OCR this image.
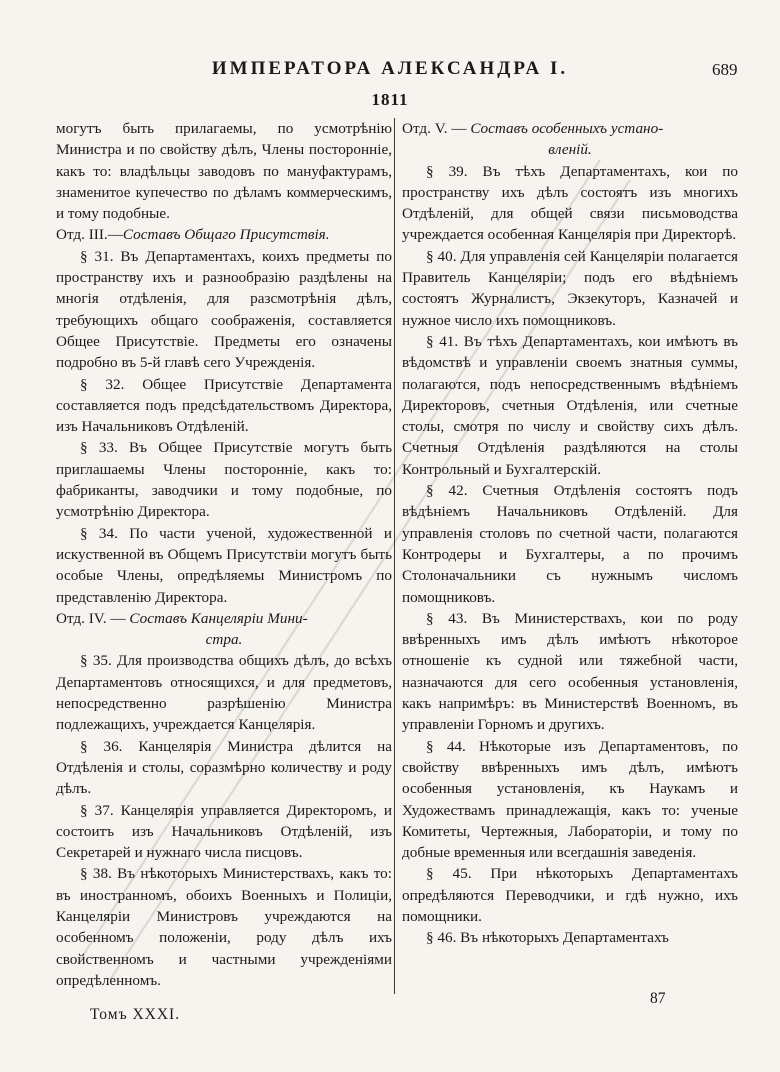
ИМПЕРАТОРА АЛЕКСАНДРА I.	689
1811

могутъ быть прилагаемы, по усмотрѣнію Министра и по свойству дѣлъ, Члены посторонніе, какъ то: владѣльцы заводовъ по мануфактурамъ, знаменитое купечество по дѣламъ коммерческимъ, и тому подобные.

Отд. III.—Составъ Общаго Присутствія.

§ 31. Въ Департаментахъ, коихъ предметы по пространству ихъ и разнообразію раздѣлены на многія отдѣленія, для разсмотрѣнія дѣлъ, требующихъ общаго соображенія, составляется Общее Присутствіе. Предметы его означены подробно въ 5-й главѣ сего Учрежденія.

§ 32. Общее Присутствіе Департамента составляется подъ предсѣдательствомъ Директора, изъ Начальниковъ Отдѣленій.

§ 33. Въ Общее Присутствіе могутъ быть приглашаемы Члены посторонніе, какъ то: фабриканты, заводчики и тому подобные, по усмотрѣнію Директора.

§ 34. По части ученой, художественной и искуственной въ Общемъ Присутствіи могутъ быть особые Члены, опредѣляемы Министромъ по представленію Директора.

Отд. IV. — Составъ Канцеляріи Мини-

стра.

§ 35. Для производства общихъ дѣлъ, до всѣхъ Департаментовъ относящихся, и для предметовъ, непосредственно разрѣшенію Министра подлежащихъ, учреждается Канцелярія.

§ 36. Канцелярія Министра дѣлится на Отдѣленія и столы, соразмѣрно количеству и роду дѣлъ.

§ 37. Канцелярія управляется Директоромъ, и состоитъ изъ Начальниковъ Отдѣленій, изъ Секретарей и нужнаго числа писцовъ.

§ 38. Въ нѣкоторыхъ Министерствахъ, какъ то: въ иностранномъ, обоихъ Военныхъ и Полиціи, Канцеляріи Министровъ учреждаются на особенномъ положеніи, роду дѣлъ ихъ свойственномъ и частными учрежденіями опредѣленномъ.

Отд. V. — Составъ особенныхъ устано-

вленій.

§ 39. Въ тѣхъ Департаментахъ, кои по пространству ихъ дѣлъ состоятъ изъ многихъ Отдѣленій, для общей связи письмоводства учреждается особенная Канцелярія при Директорѣ.

§ 40. Для управленія сей Канцеляріи полагается Правитель Канцеляріи; подъ его вѣдѣніемъ состоятъ Журналистъ, Экзекуторъ, Казначей и нужное число ихъ помощниковъ.

§ 41. Въ тѣхъ Департаментахъ, кои имѣютъ въ вѣдомствѣ и управленіи своемъ знатныя суммы, полагаются, подъ непосредственнымъ вѣдѣніемъ Директоровъ, счетныя Отдѣленія, или счетные столы, смотря по числу и свойству сихъ дѣлъ. Счетныя Отдѣленія раздѣляются на столы Контрольный и Бухгалтерскій.

§ 42. Счетныя Отдѣленія состоятъ подъ вѣдѣніемъ Начальниковъ Отдѣленій. Для управленія столовъ по счетной части, полагаются Контродеры и Бухгалтеры, а по прочимъ Столоначальники съ нужнымъ числомъ помощниковъ.

§ 43. Въ Министерствахъ, кои по роду ввѣренныхъ имъ дѣлъ имѣютъ нѣкоторое отношеніе къ судной или тяжебной части, назначаются для сего особенныя установленія, какъ напримѣръ: въ Министерствѣ Военномъ, въ управленіи Горномъ и другихъ.

§ 44. Нѣкоторые изъ Департаментовъ, по свойству ввѣренныхъ имъ дѣлъ, имѣютъ особенныя установленія, къ Наукамъ и Художествамъ принадлежащія, какъ то: ученые Комитеты, Чертежныя, Лабораторіи, и тому по добные временныя или всегдашнія заведенія.

§ 45. При нѣкоторыхъ Департаментахъ опредѣляются Переводчики, и гдѣ нужно, ихъ помощники.

§ 46. Въ нѣкоторыхъ Департаментахъ

Томъ XXXI.
87
